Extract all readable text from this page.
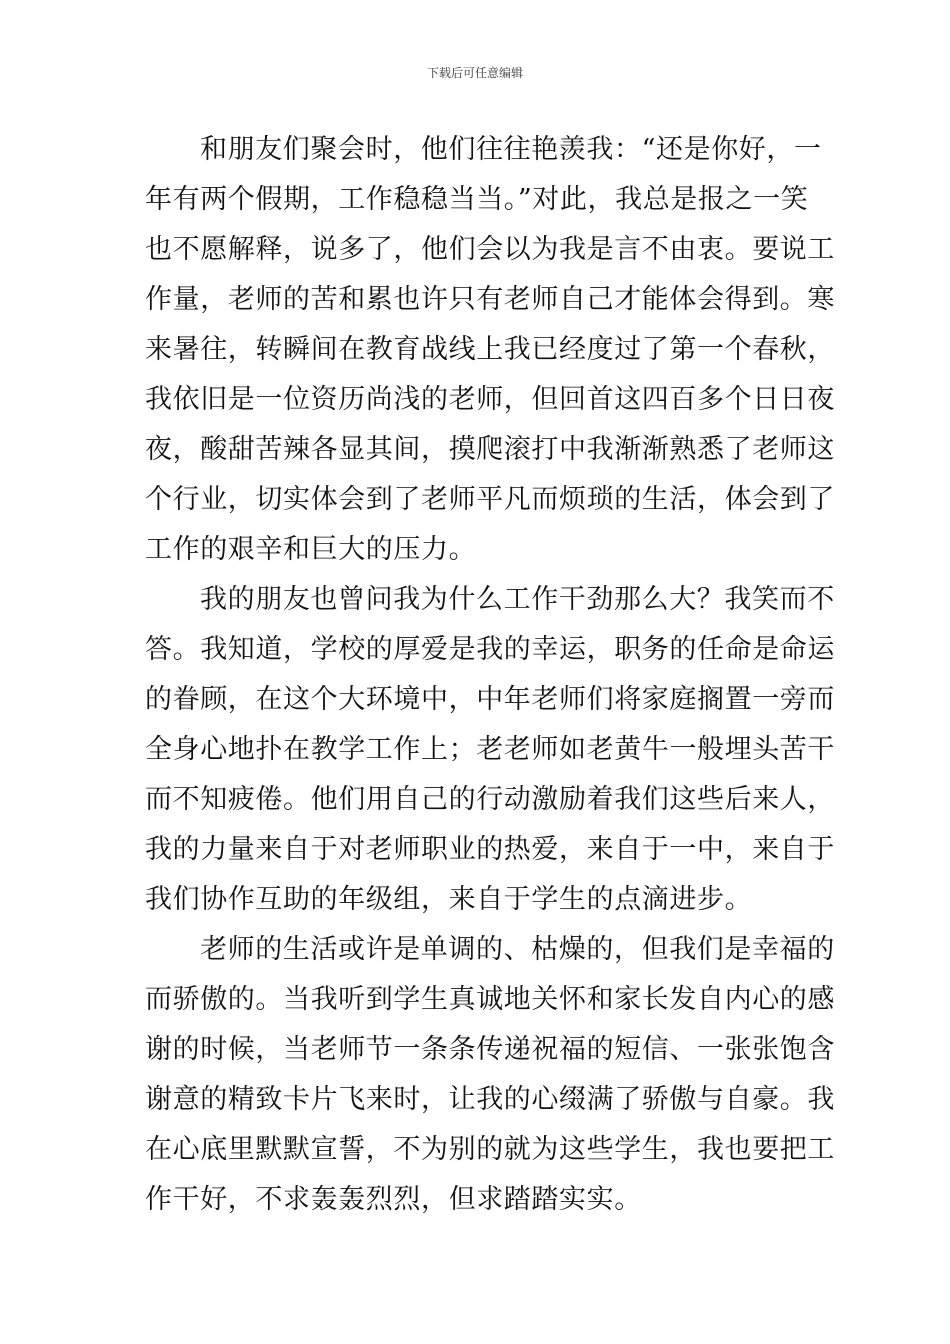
下载后可任意编辑
和朋友们聚会时，他们往往艳羡我：“还是你好，一
年有两个假期，工作稳稳当当。”对此，我总是报之一笑
也不愿解释，说多了，他们会以为我是言不由衷。要说工
作量，老师的苦和累也许只有老师自己才能体会得到。寒
来暑往，转瞬间在教育战线上我已经度过了第一个春秋，
我依旧是一位资历尚浅的老师，但回首这四百多个日日夜
夜，酸甜苦辣各显其间，摸爬滚打中我渐渐熟悉了老师这
个行业，切实体会到了老师平凡而烦琐的生活，体会到了
工作的艰辛和巨大的压力。
我的朋友也曾问我为什么工作干劲那么大？我笑而不
答。我知道，学校的厚爱是我的幸运，职务的任命是命运
的眷顾，在这个大环境中，中年老师们将家庭搁置一旁而
全身心地扑在教学工作上；老老师如老黄牛一般埋头苦干
而不知疲倦。他们用自己的行动激励着我们这些后来人，
我的力量来自于对老师职业的热爱，来自于一中，来自于
我们协作互助的年级组，来自于学生的点滴进步。
老师的生活或许是单调的、枯燥的，但我们是幸福的
而骄傲的。当我听到学生真诚地关怀和家长发自内心的感
谢的时候，当老师节一条条传递祝福的短信、一张张饱含
谢意的精致卡片飞来时，让我的心缀满了骄傲与自豪。我
在心底里默默宣誓，不为别的就为这些学生，我也要把工
作干好，不求轰轰烈烈，但求踏踏实实。
